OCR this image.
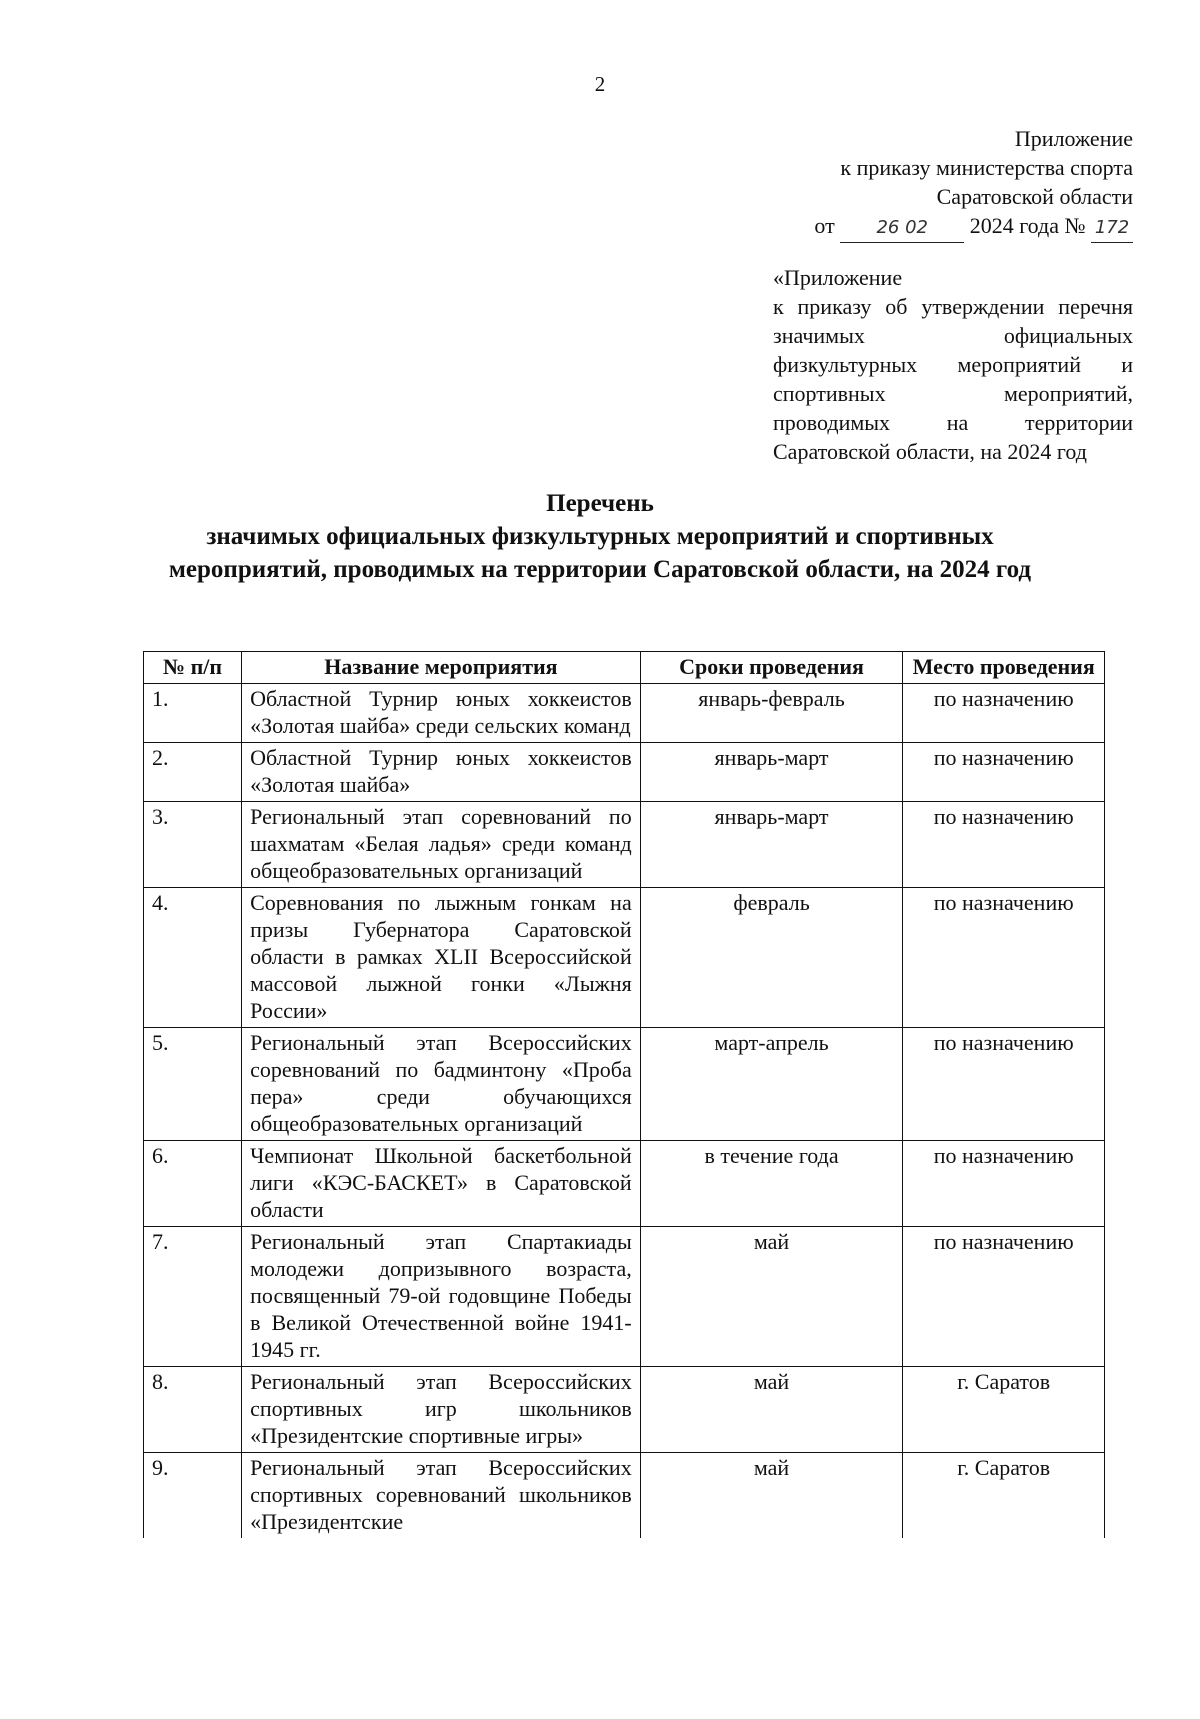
2
Приложение
к приказу министерства спорта
Саратовской области
от 26 02 2024 года № 172
«Приложение
к приказу об утверждении перечня
значимых официальных
физкультурных мероприятий и
спортивных мероприятий,
проводимых на территории
Саратовской области, на 2024 год
Перечень
значимых официальных физкультурных мероприятий и спортивных
мероприятий, проводимых на территории Саратовской области, на 2024 год
№ п/п	Название мероприятия	Сроки проведения	Место проведения
1.	Областной Турнир юных хоккеистов «Золотая шайба» среди сельских команд	январь-февраль	по назначению
2.	Областной Турнир юных хоккеистов «Золотая шайба»	январь-март	по назначению
3.	Региональный этап соревнований по шахматам «Белая ладья» среди команд общеобразовательных организаций	январь-март	по назначению
4.	Соревнования по лыжным гонкам на призы Губернатора Саратовской области в рамках XLII Всероссийской массовой лыжной гонки «Лыжня России»	февраль	по назначению
5.	Региональный этап Всероссийских соревнований по бадминтону «Проба пера» среди обучающихся общеобразовательных организаций	март-апрель	по назначению
6.	Чемпионат Школьной баскетбольной лиги «КЭС-БАСКЕТ» в Саратовской области	в течение года	по назначению
7.	Региональный этап Спартакиады молодежи допризывного возраста, посвященный 79-ой годовщине Победы в Великой Отечественной войне 1941-1945 гг.	май	по назначению
8.	Региональный этап Всероссийских спортивных игр школьников «Президентские спортивные игры»	май	г. Саратов
9.	Региональный этап Всероссийских спортивных соревнований школьников «Президентские	май	г. Саратов
